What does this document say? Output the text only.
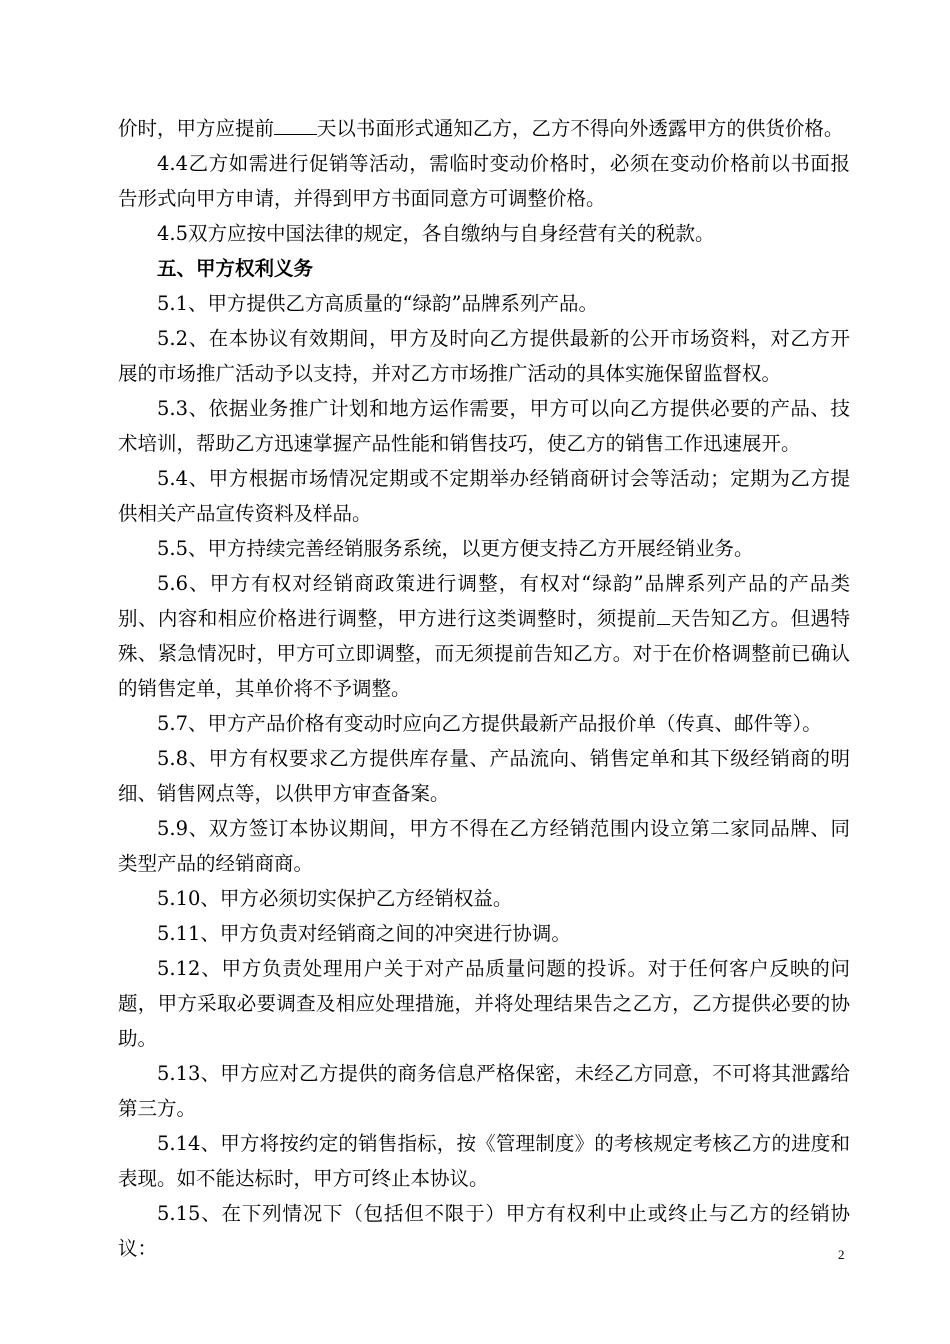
价时，甲方应提前 天以书面形式通知乙方，乙方不得向外透露甲方的供货价格。

4.4乙方如需进行促销等活动，需临时变动价格时，必须在变动价格前以书面报告形式向甲方申请，并得到甲方书面同意方可调整价格。

4.5双方应按中国法律的规定，各自缴纳与自身经营有关的税款。

五、甲方权利义务

5.1、甲方提供乙方高质量的“绿韵”品牌系列产品。

5.2、在本协议有效期间，甲方及时向乙方提供最新的公开市场资料，对乙方开展的市场推广活动予以支持，并对乙方市场推广活动的具体实施保留监督权。

5.3、依据业务推广计划和地方运作需要，甲方可以向乙方提供必要的产品、技术培训，帮助乙方迅速掌握产品性能和销售技巧，使乙方的销售工作迅速展开。

5.4、甲方根据市场情况定期或不定期举办经销商研讨会等活动；定期为乙方提供相关产品宣传资料及样品。

5.5、甲方持续完善经销服务系统，以更方便支持乙方开展经销业务。

5.6、甲方有权对经销商政策进行调整，有权对“绿韵”品牌系列产品的产品类别、内容和相应价格进行调整，甲方进行这类调整时，须提前 天告知乙方。但遇特殊、紧急情况时，甲方可立即调整，而无须提前告知乙方。对于在价格调整前已确认的销售定单，其单价将不予调整。

5.7、甲方产品价格有变动时应向乙方提供最新产品报价单（传真、邮件等）。

5.8、甲方有权要求乙方提供库存量、产品流向、销售定单和其下级经销商的明细、销售网点等，以供甲方审查备案。

5.9、双方签订本协议期间，甲方不得在乙方经销范围内设立第二家同品牌、同类型产品的经销商商。

5.10、甲方必须切实保护乙方经销权益。

5.11、甲方负责对经销商之间的冲突进行协调。

5.12、甲方负责处理用户关于对产品质量问题的投诉。对于任何客户反映的问题，甲方采取必要调查及相应处理措施，并将处理结果告之乙方，乙方提供必要的协助。

5.13、甲方应对乙方提供的商务信息严格保密，未经乙方同意，不可将其泄露给第三方。

5.14、甲方将按约定的销售指标，按《管理制度》的考核规定考核乙方的进度和表现。如不能达标时，甲方可终止本协议。

5.15、在下列情况下（包括但不限于）甲方有权利中止或终止与乙方的经销协议：	2
